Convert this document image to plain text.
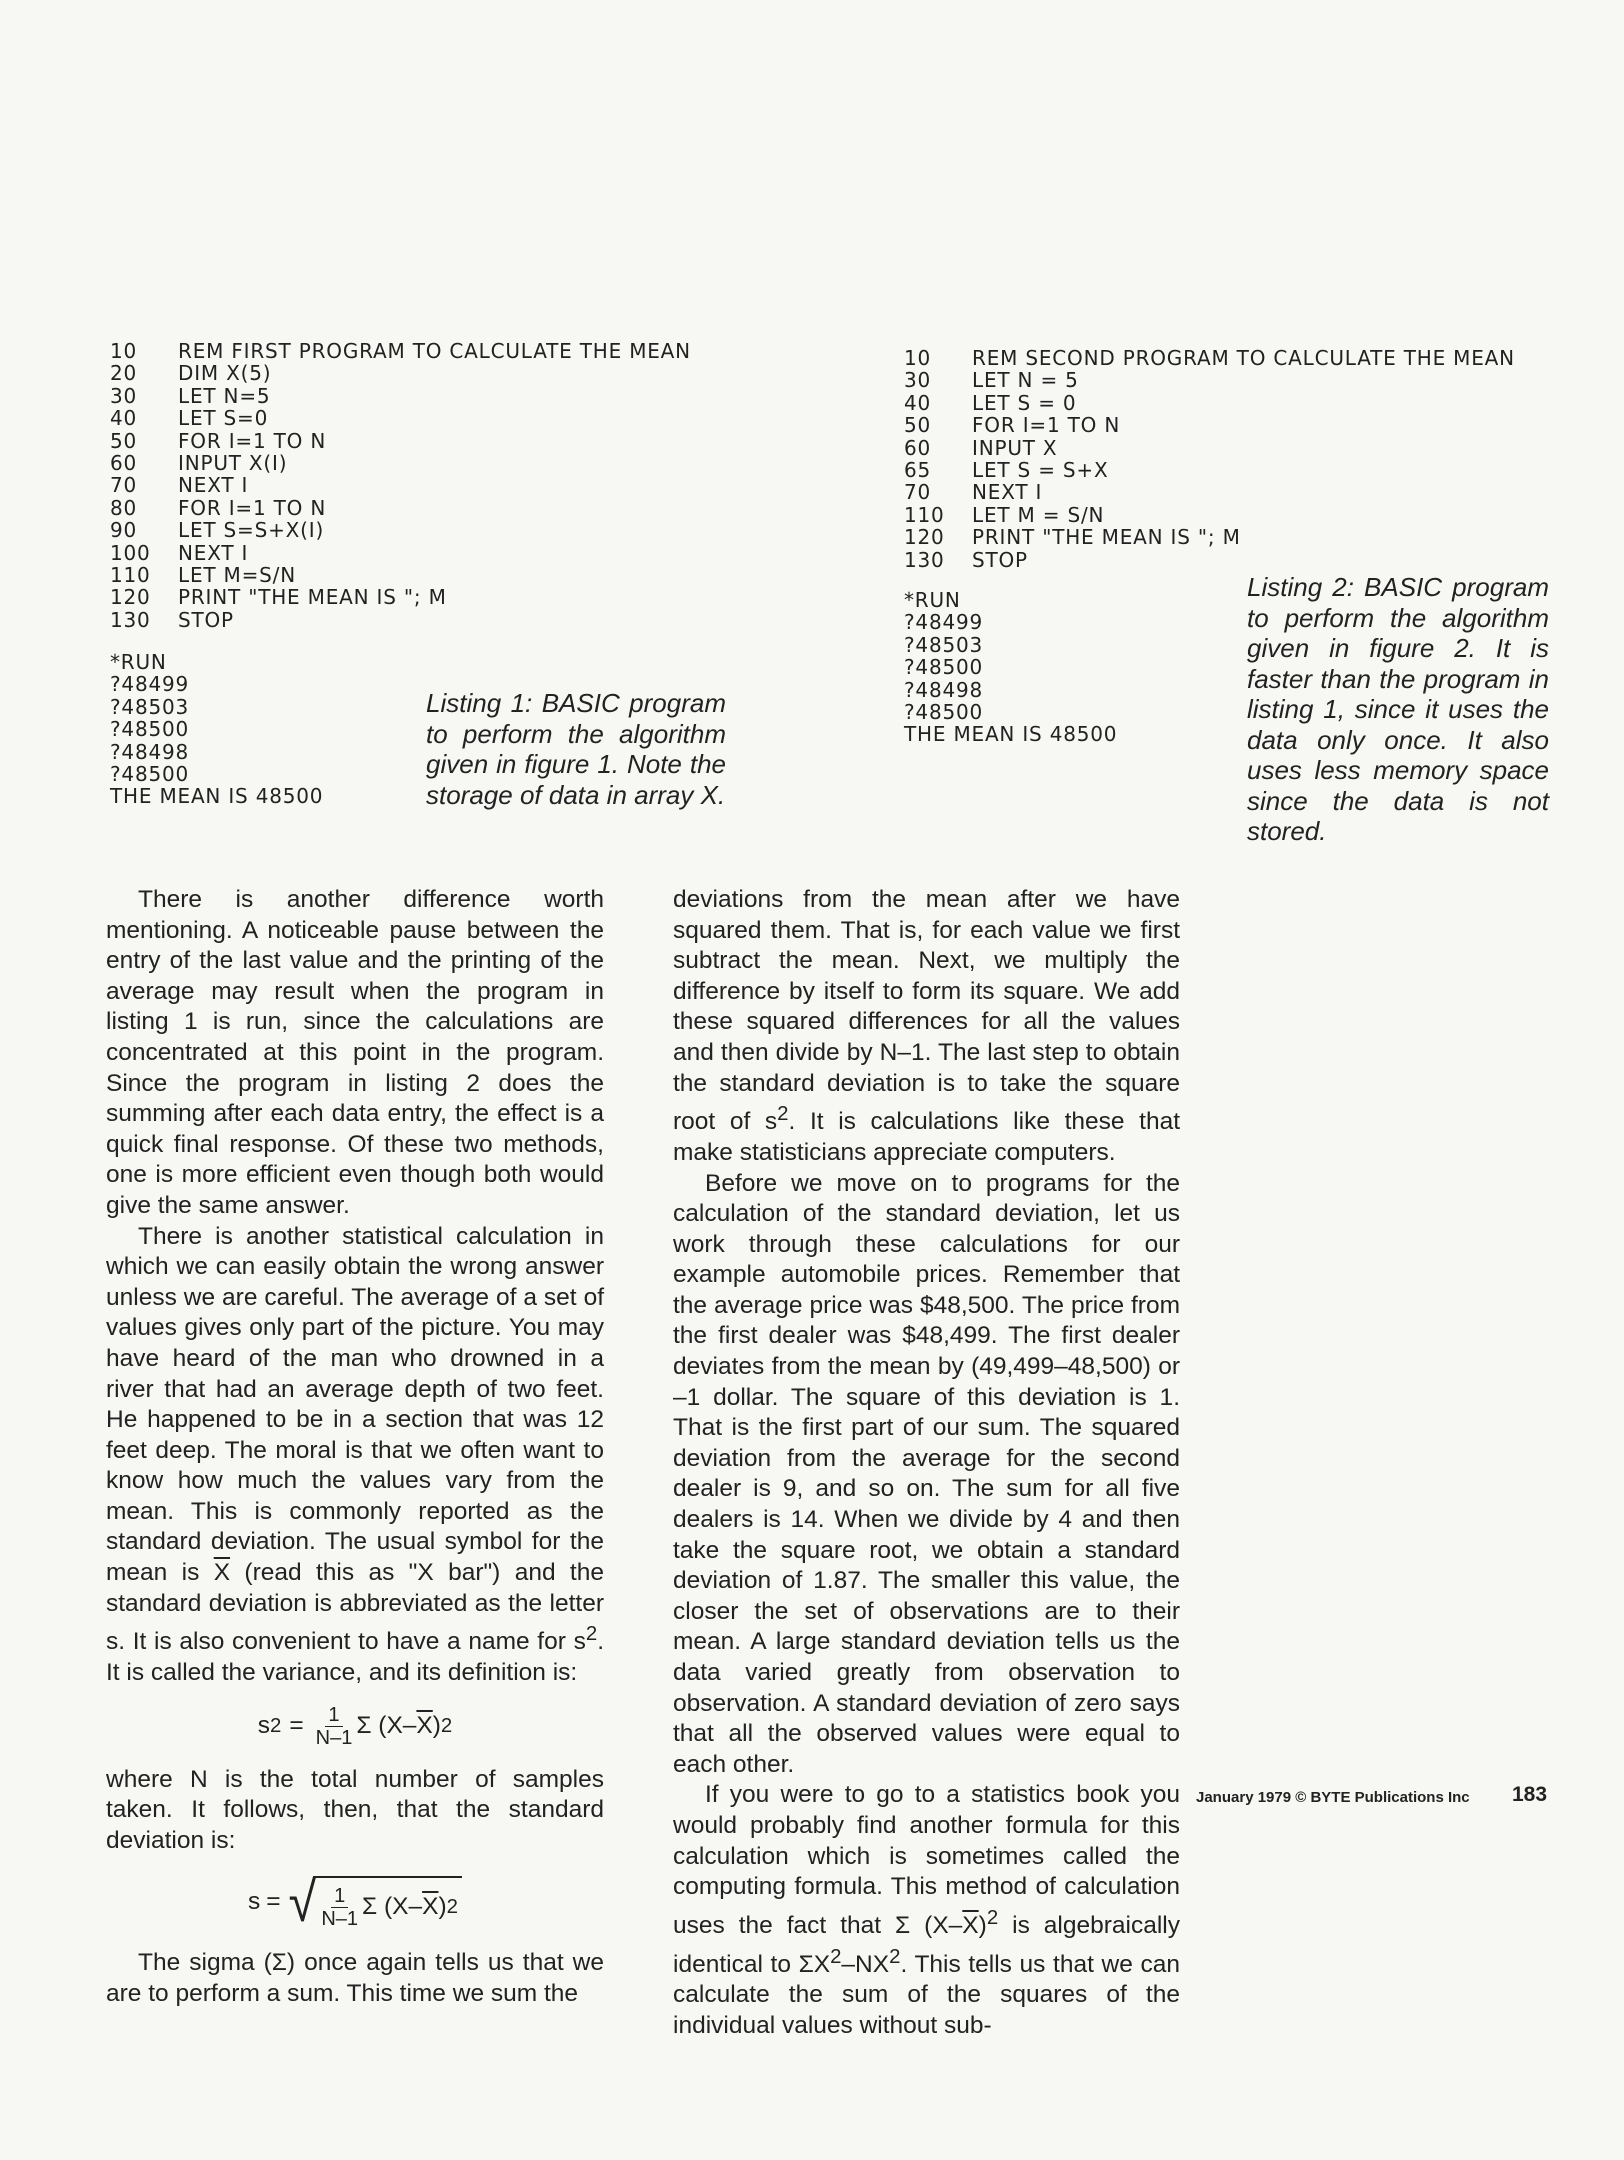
10	REM FIRST PROGRAM TO CALCULATE THE MEAN
20	DIM X(5)
30	LET N=5
40	LET S=0
50	FOR I=1 TO N
60	INPUT X(I)
70	NEXT I
80	FOR I=1 TO N
90	LET S=S+X(I)
100	NEXT I
110	LET M=S/N
120	PRINT "THE MEAN IS "; M
130	STOP
*RUN
?48499
?48503
?48500
?48498
?48500
THE MEAN IS 48500
Listing 1: BASIC program to perform the algorithm given in figure 1. Note the storage of data in array X.
10	REM SECOND PROGRAM TO CALCULATE THE MEAN
30	LET N = 5
40	LET S = 0
50	FOR I=1 TO N
60	INPUT X
65	LET S = S+X
70	NEXT I
110	LET M = S/N
120	PRINT "THE MEAN IS "; M
130	STOP
*RUN
?48499
?48503
?48500
?48498
?48500
THE MEAN IS 48500
Listing 2: BASIC program to perform the algorithm given in figure 2. It is faster than the program in listing 1, since it uses the data only once. It also uses less memory space since the data is not stored.

There is another difference worth mentioning. A noticeable pause between the entry of the last value and the printing of the average may result when the program in listing 1 is run, since the calculations are concentrated at this point in the program. Since the program in listing 2 does the summing after each data entry, the effect is a quick final response. Of these two methods, one is more efficient even though both would give the same answer.

There is another statistical calculation in which we can easily obtain the wrong answer unless we are careful. The average of a set of values gives only part of the picture. You may have heard of the man who drowned in a river that had an average depth of two feet. He happened to be in a section that was 12 feet deep. The moral is that we often want to know how much the values vary from the mean. This is commonly reported as the standard deviation. The usual symbol for the mean is $\overline{X}$ (read this as "X bar") and the standard deviation is abbreviated as the letter s. It is also convenient to have a name for $s^2$. It is called the variance, and its definition is:

s $2 = \frac{1}{N-1}$ Σ (X– $\overline{X}$ ) 2

where N is the total number of samples taken. It follows, then, that the standard deviation is:

s = √ $\frac{1}{N-1}$ Σ (X– $\overline{X}$ ) 2

The sigma (Σ) once again tells us that we are to perform a sum. This time we sum the

deviations from the mean after we have squared them. That is, for each value we first subtract the mean. Next, we multiply the difference by itself to form its square. We add these squared differences for all the values and then divide by N–1. The last step to obtain the standard deviation is to take the square root of $s^2$. It is calculations like these that make statisticians appreciate computers.

Before we move on to programs for the calculation of the standard deviation, let us work through these calculations for our example automobile prices. Remember that the average price was $48,500. The price from the first dealer was $48,499. The first dealer deviates from the mean by (49,499–48,500) or –1 dollar. The square of this deviation is 1. That is the first part of our sum. The squared deviation from the average for the second dealer is 9, and so on. The sum for all five dealers is 14. When we divide by 4 and then take the square root, we obtain a standard deviation of 1.87. The smaller this value, the closer the set of observations are to their mean. A large standard deviation tells us the data varied greatly from observation to observation. A standard deviation of zero says that all the observed values were equal to each other.

If you were to go to a statistics book you would probably find another formula for this calculation which is sometimes called the computing formula. This method of calculation uses the fact that Σ $(X-\overline{X})^2$ is algebraically identical to $\Sigma X^2-NX^2$. This tells us that we can calculate the sum of the squares of the individual values without sub-

January 1979 © BYTE Publications Inc 183
